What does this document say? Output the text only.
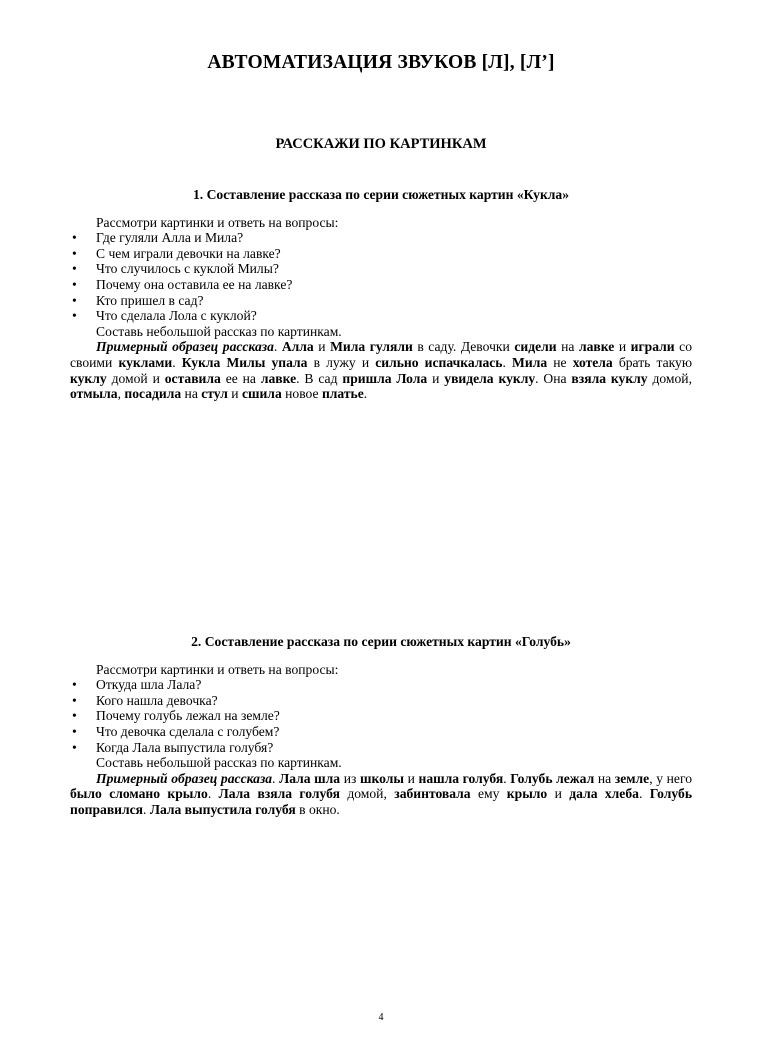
АВТОМАТИЗАЦИЯ ЗВУКОВ [Л], [Л’]
РАССКАЖИ ПО КАРТИНКАМ

1. Составление рассказа по серии сюжетных картин «Кукла»

Рассмотри картинки и ответь на вопросы:

• Где гуляли Алла и Мила?
• С чем играли девочки на лавке?
• Что случилось с куклой Милы?
• Почему она оставила ее на лавке?
• Кто пришел в сад?
• Что сделала Лола с куклой?

Составь небольшой рассказ по картинкам.

Примерный образец рассказа. Алла и Мила гуляли в саду. Девочки сидели на лавке и играли со своими куклами. Кукла Милы упала в лужу и сильно испачкалась. Мила не хотела брать такую куклу домой и оставила ее на лавке. В сад пришла Лола и увидела куклу. Она взяла куклу домой, отмыла, посадила на стул и сшила новое платье.

2. Составление рассказа по серии сюжетных картин «Голубь»

Рассмотри картинки и ответь на вопросы:

• Откуда шла Лала?
• Кого нашла девочка?
• Почему голубь лежал на земле?
• Что девочка сделала с голубем?
• Когда Лала выпустила голубя?

Составь небольшой рассказ по картинкам.

Примерный образец рассказа. Лала шла из школы и нашла голубя. Голубь лежал на земле, у него было сломано крыло. Лала взяла голубя домой, забинтовала ему крыло и дала хлеба. Голубь поправился. Лала выпустила голубя в окно.

4
